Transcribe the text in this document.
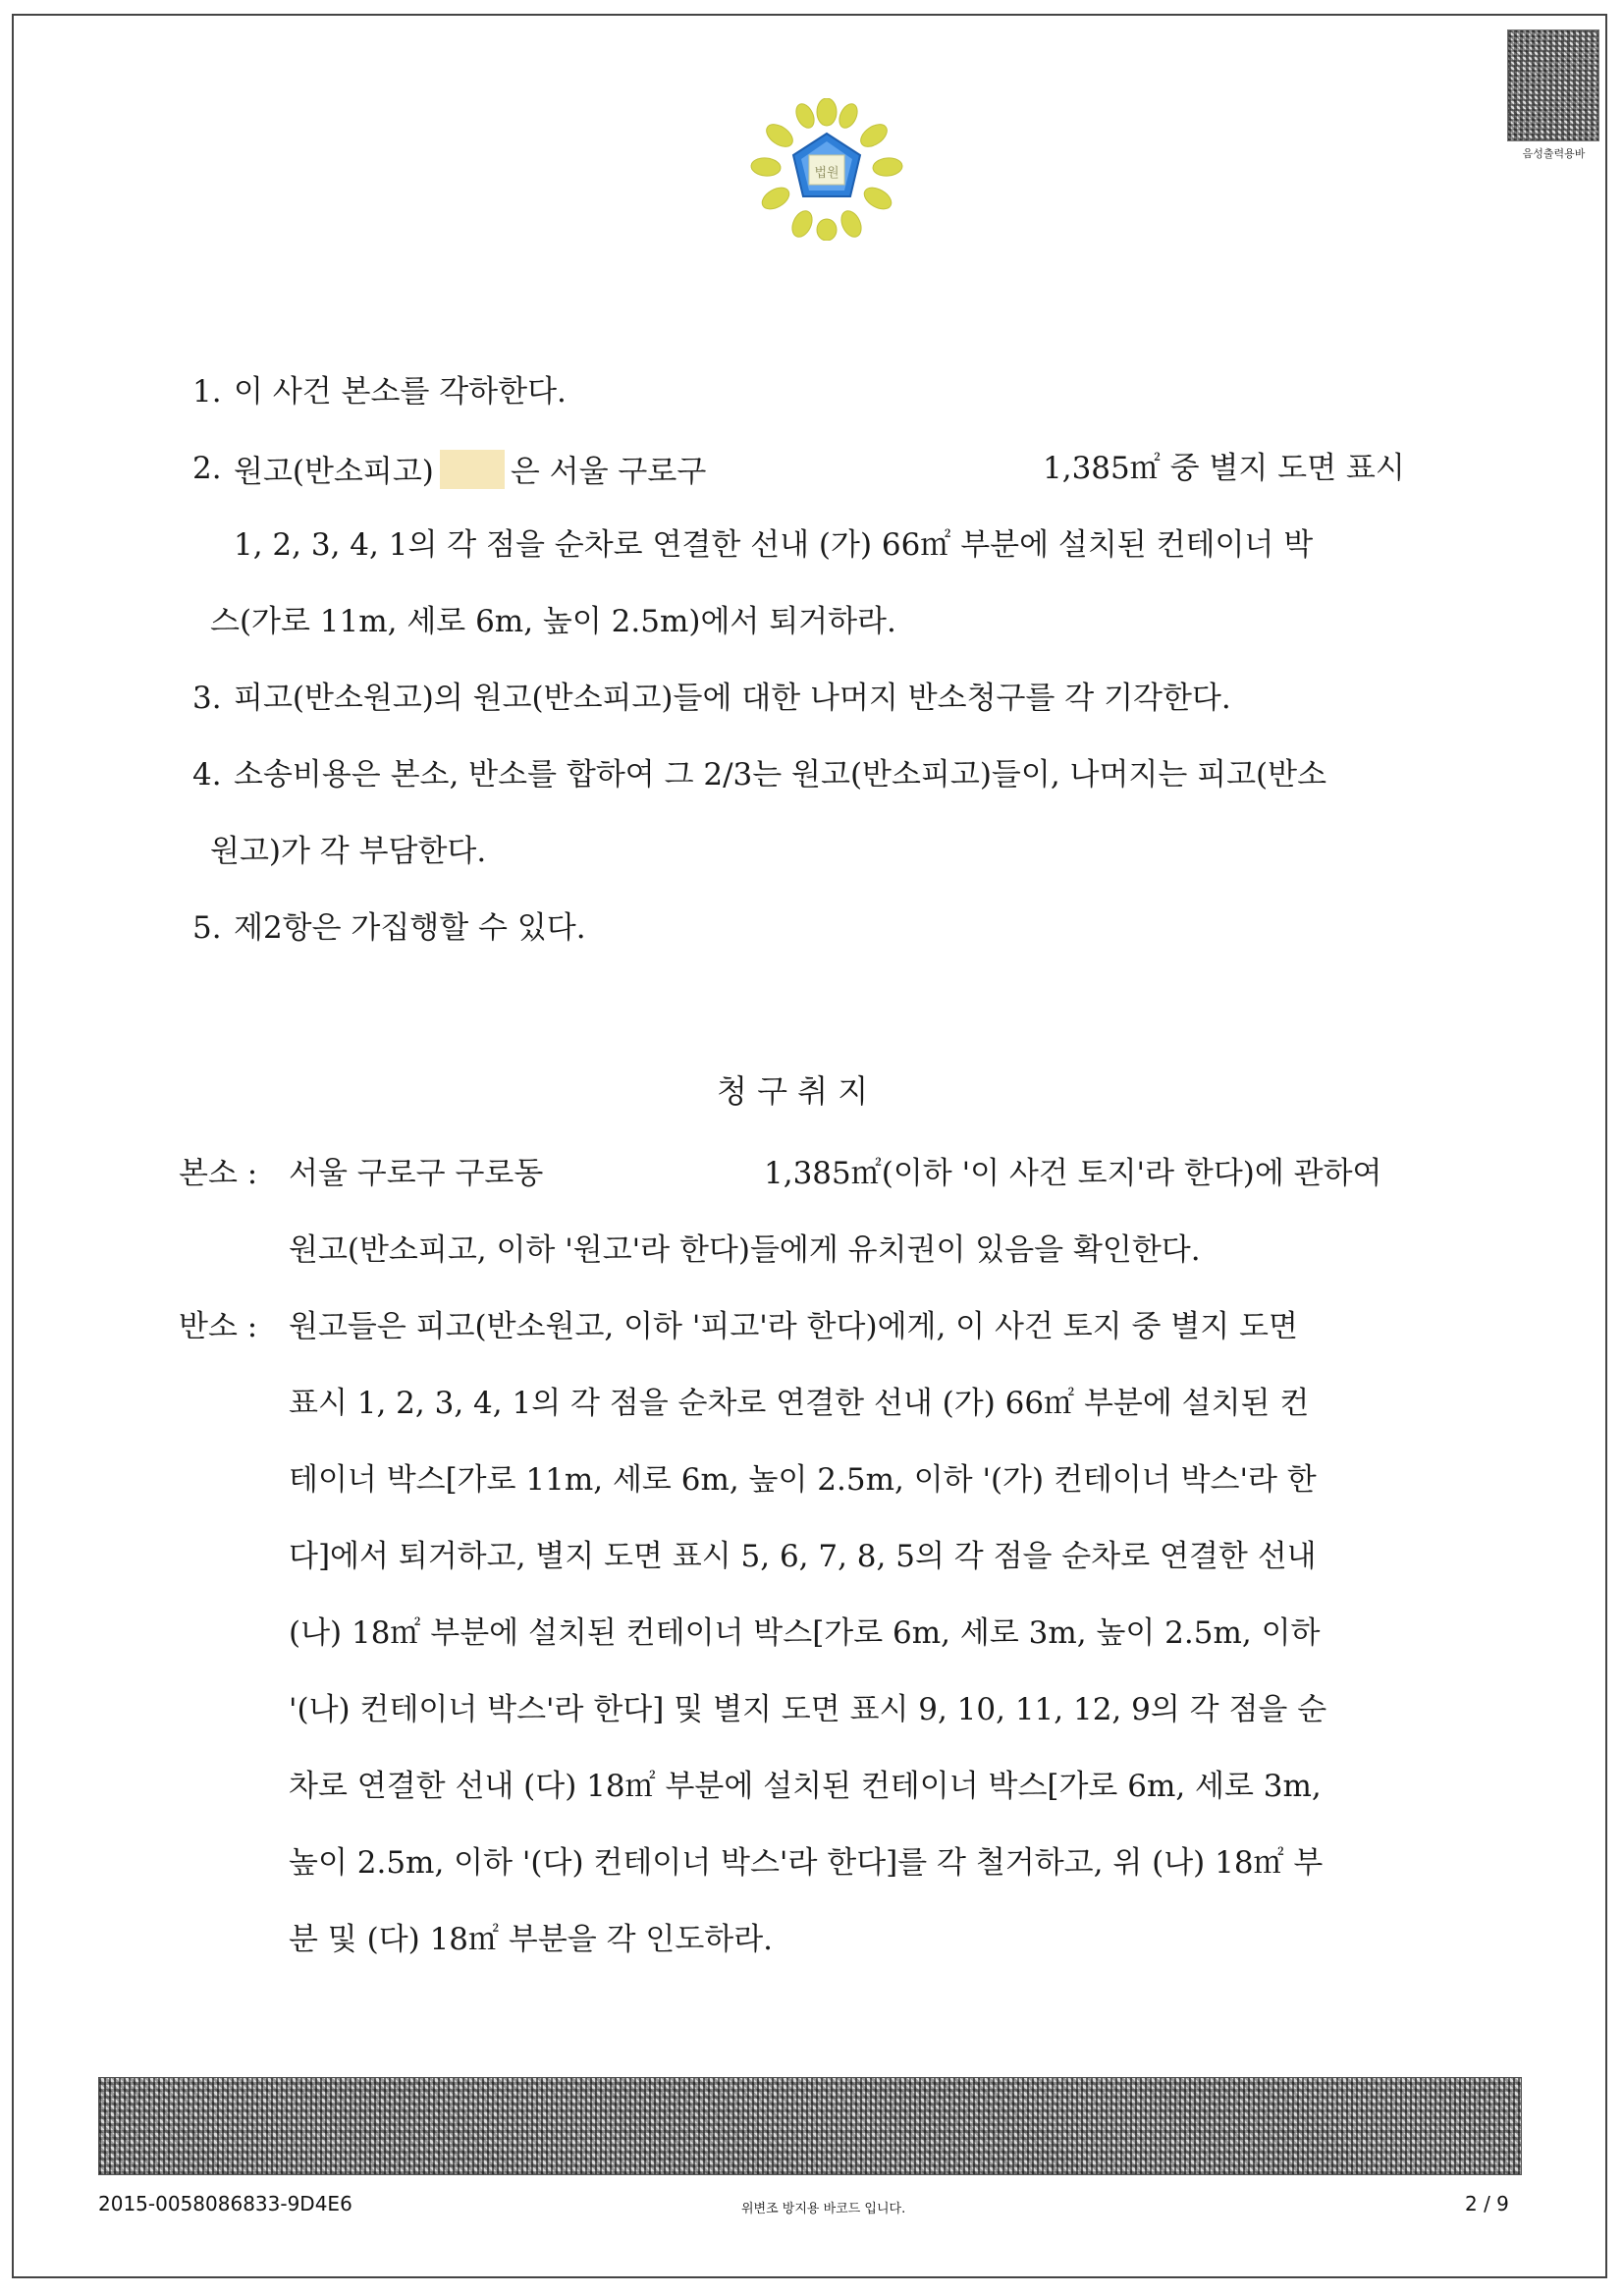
법원
음성출력용바
1. 이 사건 본소를 각하한다.
2. 원고(반소피고)	은 서울 구로구	1,385㎡ 중 별지 도면 표시
1, 2, 3, 4, 1의 각 점을 순차로 연결한 선내 (가) 66㎡ 부분에 설치된 컨테이너 박
스(가로 11m, 세로 6m, 높이 2.5m)에서 퇴거하라.
3. 피고(반소원고)의 원고(반소피고)들에 대한 나머지 반소청구를 각 기각한다.
4. 소송비용은 본소, 반소를 합하여 그 2/3는 원고(반소피고)들이, 나머지는 피고(반소
원고)가 각 부담한다.
5. 제2항은 가집행할 수 있다.
청 구 취 지
본소 : 서울 구로구 구로동	1,385㎡(이하 '이 사건 토지'라 한다)에 관하여
원고(반소피고, 이하 '원고'라 한다)들에게 유치권이 있음을 확인한다.
반소 : 원고들은 피고(반소원고, 이하 '피고'라 한다)에게, 이 사건 토지 중 별지 도면
표시 1, 2, 3, 4, 1의 각 점을 순차로 연결한 선내 (가) 66㎡ 부분에 설치된 컨
테이너 박스[가로 11m, 세로 6m, 높이 2.5m, 이하 '(가) 컨테이너 박스'라 한
다]에서 퇴거하고, 별지 도면 표시 5, 6, 7, 8, 5의 각 점을 순차로 연결한 선내
(나) 18㎡ 부분에 설치된 컨테이너 박스[가로 6m, 세로 3m, 높이 2.5m, 이하
'(나) 컨테이너 박스'라 한다] 및 별지 도면 표시 9, 10, 11, 12, 9의 각 점을 순
차로 연결한 선내 (다) 18㎡ 부분에 설치된 컨테이너 박스[가로 6m, 세로 3m,
높이 2.5m, 이하 '(다) 컨테이너 박스'라 한다]를 각 철거하고, 위 (나) 18㎡ 부
분 및 (다) 18㎡ 부분을 각 인도하라.
2015-0058086833-9D4E6	위변조 방지용 바코드 입니다.	2 / 9
